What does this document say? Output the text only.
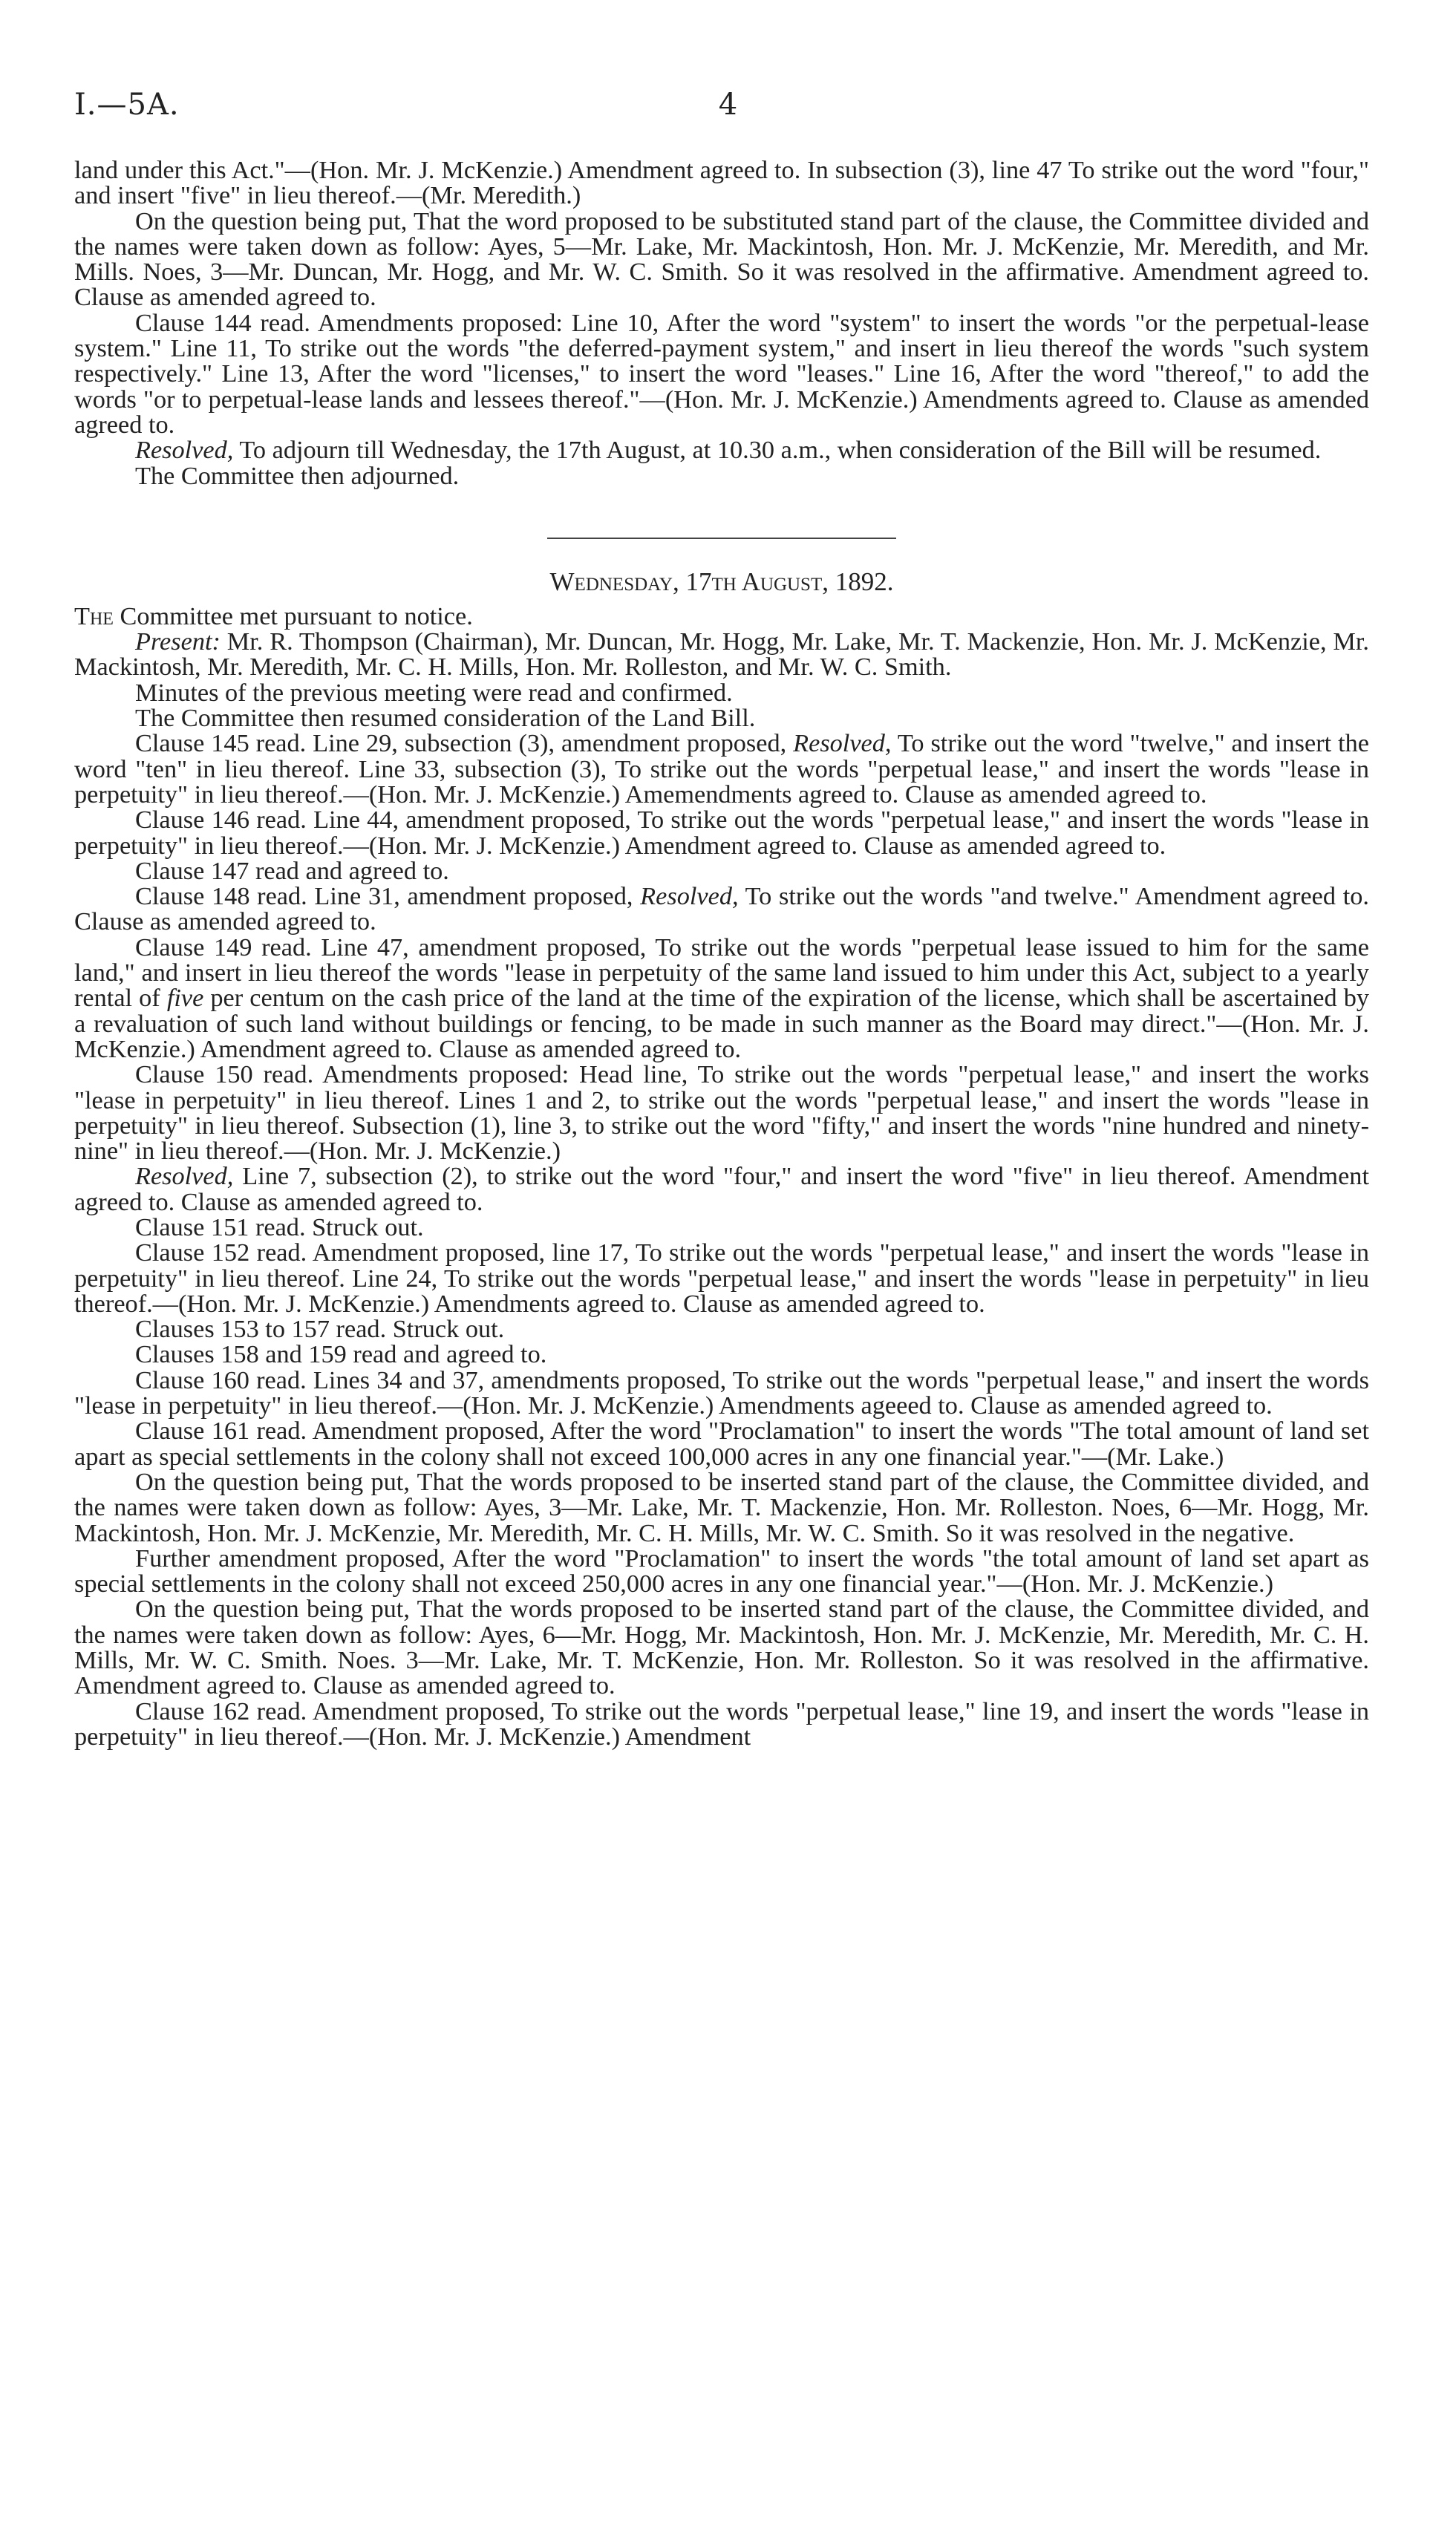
I.—5A.	4

land under this Act."—(Hon. Mr. J. McKenzie.) Amendment agreed to. In subsection (3), line 47 To strike out the word "four," and insert "five" in lieu thereof.—(Mr. Meredith.)

On the question being put, That the word proposed to be substituted stand part of the clause, the Committee divided and the names were taken down as follow: Ayes, 5—Mr. Lake, Mr. Mackintosh, Hon. Mr. J. McKenzie, Mr. Meredith, and Mr. Mills. Noes, 3—Mr. Duncan, Mr. Hogg, and Mr. W. C. Smith. So it was resolved in the affirmative. Amendment agreed to. Clause as amended agreed to.

Clause 144 read. Amendments proposed: Line 10, After the word "system" to insert the words "or the perpetual-lease system." Line 11, To strike out the words "the deferred-payment system," and insert in lieu thereof the words "such system respectively." Line 13, After the word "licenses," to insert the word "leases." Line 16, After the word "thereof," to add the words "or to perpetual-lease lands and lessees thereof."—(Hon. Mr. J. McKenzie.) Amendments agreed to. Clause as amended agreed to.

Resolved, To adjourn till Wednesday, the 17th August, at 10.30 a.m., when consideration of the Bill will be resumed.

The Committee then adjourned.

Wednesday, 17th August, 1892.

The Committee met pursuant to notice.

Present: Mr. R. Thompson (Chairman), Mr. Duncan, Mr. Hogg, Mr. Lake, Mr. T. Mackenzie, Hon. Mr. J. McKenzie, Mr. Mackintosh, Mr. Meredith, Mr. C. H. Mills, Hon. Mr. Rolleston, and Mr. W. C. Smith.

Minutes of the previous meeting were read and confirmed.

The Committee then resumed consideration of the Land Bill.

Clause 145 read. Line 29, subsection (3), amendment proposed, Resolved, To strike out the word "twelve," and insert the word "ten" in lieu thereof. Line 33, subsection (3), To strike out the words "perpetual lease," and insert the words "lease in perpetuity" in lieu thereof.—(Hon. Mr. J. McKenzie.) Amemendments agreed to. Clause as amended agreed to.

Clause 146 read. Line 44, amendment proposed, To strike out the words "perpetual lease," and insert the words "lease in perpetuity" in lieu thereof.—(Hon. Mr. J. McKenzie.) Amendment agreed to. Clause as amended agreed to.

Clause 147 read and agreed to.

Clause 148 read. Line 31, amendment proposed, Resolved, To strike out the words "and twelve." Amendment agreed to. Clause as amended agreed to.

Clause 149 read. Line 47, amendment proposed, To strike out the words "perpetual lease issued to him for the same land," and insert in lieu thereof the words "lease in perpetuity of the same land issued to him under this Act, subject to a yearly rental of five per centum on the cash price of the land at the time of the expiration of the license, which shall be ascertained by a revaluation of such land without buildings or fencing, to be made in such manner as the Board may direct."—(Hon. Mr. J. McKenzie.) Amendment agreed to. Clause as amended agreed to.

Clause 150 read. Amendments proposed: Head line, To strike out the words "perpetual lease," and insert the works "lease in perpetuity" in lieu thereof. Lines 1 and 2, to strike out the words "perpetual lease," and insert the words "lease in perpetuity" in lieu thereof. Subsection (1), line 3, to strike out the word "fifty," and insert the words "nine hundred and ninety-nine" in lieu thereof.—(Hon. Mr. J. McKenzie.)

Resolved, Line 7, subsection (2), to strike out the word "four," and insert the word "five" in lieu thereof. Amendment agreed to. Clause as amended agreed to.

Clause 151 read. Struck out.

Clause 152 read. Amendment proposed, line 17, To strike out the words "perpetual lease," and insert the words "lease in perpetuity" in lieu thereof. Line 24, To strike out the words "perpetual lease," and insert the words "lease in perpetuity" in lieu thereof.—(Hon. Mr. J. McKenzie.) Amendments agreed to. Clause as amended agreed to.

Clauses 153 to 157 read. Struck out.

Clauses 158 and 159 read and agreed to.

Clause 160 read. Lines 34 and 37, amendments proposed, To strike out the words "perpetual lease," and insert the words "lease in perpetuity" in lieu thereof.—(Hon. Mr. J. McKenzie.) Amendments ageeed to. Clause as amended agreed to.

Clause 161 read. Amendment proposed, After the word "Proclamation" to insert the words "The total amount of land set apart as special settlements in the colony shall not exceed 100,000 acres in any one financial year."—(Mr. Lake.)

On the question being put, That the words proposed to be inserted stand part of the clause, the Committee divided, and the names were taken down as follow: Ayes, 3—Mr. Lake, Mr. T. Mackenzie, Hon. Mr. Rolleston. Noes, 6—Mr. Hogg, Mr. Mackintosh, Hon. Mr. J. McKenzie, Mr. Meredith, Mr. C. H. Mills, Mr. W. C. Smith. So it was resolved in the negative.

Further amendment proposed, After the word "Proclamation" to insert the words "the total amount of land set apart as special settlements in the colony shall not exceed 250,000 acres in any one financial year."—(Hon. Mr. J. McKenzie.)

On the question being put, That the words proposed to be inserted stand part of the clause, the Committee divided, and the names were taken down as follow: Ayes, 6—Mr. Hogg, Mr. Mackintosh, Hon. Mr. J. McKenzie, Mr. Meredith, Mr. C. H. Mills, Mr. W. C. Smith. Noes. 3—Mr. Lake, Mr. T. McKenzie, Hon. Mr. Rolleston. So it was resolved in the affirmative. Amendment agreed to. Clause as amended agreed to.

Clause 162 read. Amendment proposed, To strike out the words "perpetual lease," line 19, and insert the words "lease in perpetuity" in lieu thereof.—(Hon. Mr. J. McKenzie.) Amendment
